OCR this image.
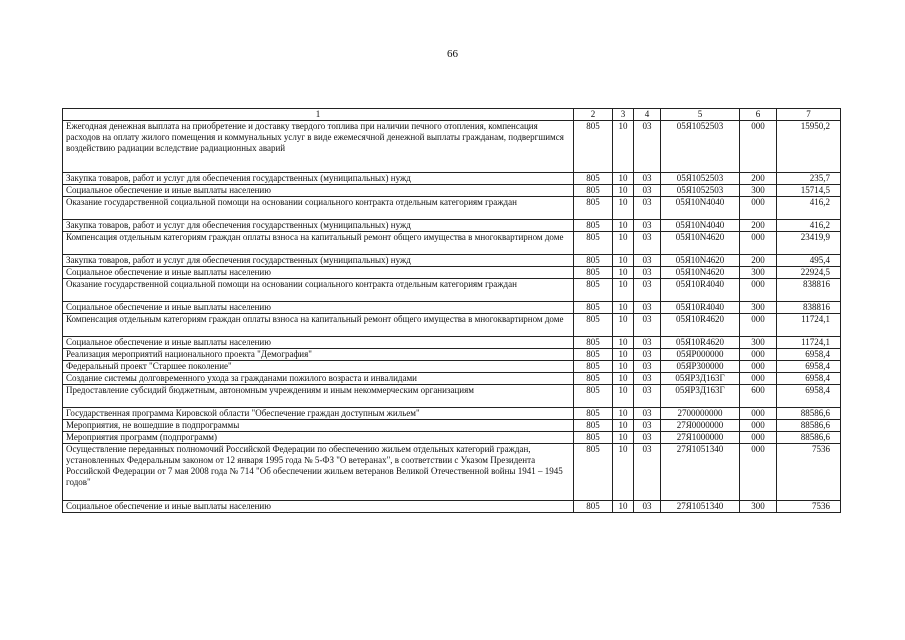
66
1	2	3	4	5	6	7
Ежегодная денежная выплата на приобретение и доставку твердого топлива при наличии печного отопления, компенсация расходов на оплату жилого помещения и коммунальных услуг в виде ежемесячной денежной выплаты гражданам, подвергшимся воздействию радиации вследствие радиационных аварий	805	10	03	05Я1052503	000	15950,2
Закупка товаров, работ и услуг для обеспечения государственных (муниципальных) нужд	805	10	03	05Я1052503	200	235,7
Социальное обеспечение и иные выплаты населению	805	10	03	05Я1052503	300	15714,5
Оказание государственной социальной помощи на основании социального контракта отдельным категориям граждан	805	10	03	05Я10N4040	000	416,2
Закупка товаров, работ и услуг для обеспечения государственных (муниципальных) нужд	805	10	03	05Я10N4040	200	416,2
Компенсация отдельным категориям граждан оплаты взноса на капитальный ремонт общего имущества в многоквартирном доме	805	10	03	05Я10N4620	000	23419,9
Закупка товаров, работ и услуг для обеспечения государственных (муниципальных) нужд	805	10	03	05Я10N4620	200	495,4
Социальное обеспечение и иные выплаты населению	805	10	03	05Я10N4620	300	22924,5
Оказание государственной социальной помощи на основании социального контракта отдельным категориям граждан	805	10	03	05Я10R4040	000	838816
Социальное обеспечение и иные выплаты населению	805	10	03	05Я10R4040	300	838816
Компенсация отдельным категориям граждан оплаты взноса на капитальный ремонт общего имущества в многоквартирном доме	805	10	03	05Я10R4620	000	11724,1
Социальное обеспечение и иные выплаты населению	805	10	03	05Я10R4620	300	11724,1
Реализация мероприятий национального проекта "Демография"	805	10	03	05ЯР000000	000	6958,4
Федеральный проект "Старшее поколение"	805	10	03	05ЯР300000	000	6958,4
Создание системы долговременного ухода за гражданами пожилого возраста и инвалидами	805	10	03	05ЯР3Д163Г	000	6958,4
Предоставление субсидий бюджетным, автономным учреждениям и иным некоммерческим организациям	805	10	03	05ЯР3Д163Г	600	6958,4
Государственная программа Кировской области "Обеспечение граждан доступным жильем"	805	10	03	2700000000	000	88586,6
Мероприятия, не вошедшие в подпрограммы	805	10	03	27Я0000000	000	88586,6
Мероприятия программ (подпрограмм)	805	10	03	27Я1000000	000	88586,6
Осуществление переданных полномочий Российской Федерации по обеспечению жильем отдельных категорий граждан, установленных Федеральным законом от 12 января 1995 года № 5-ФЗ "О ветеранах", в соответствии с Указом Президента Российской Федерации от 7 мая 2008 года № 714 "Об обеспечении жильем ветеранов Великой Отечественной войны 1941 – 1945 годов"	805	10	03	27Я1051340	000	7536
Социальное обеспечение и иные выплаты населению	805	10	03	27Я1051340	300	7536
